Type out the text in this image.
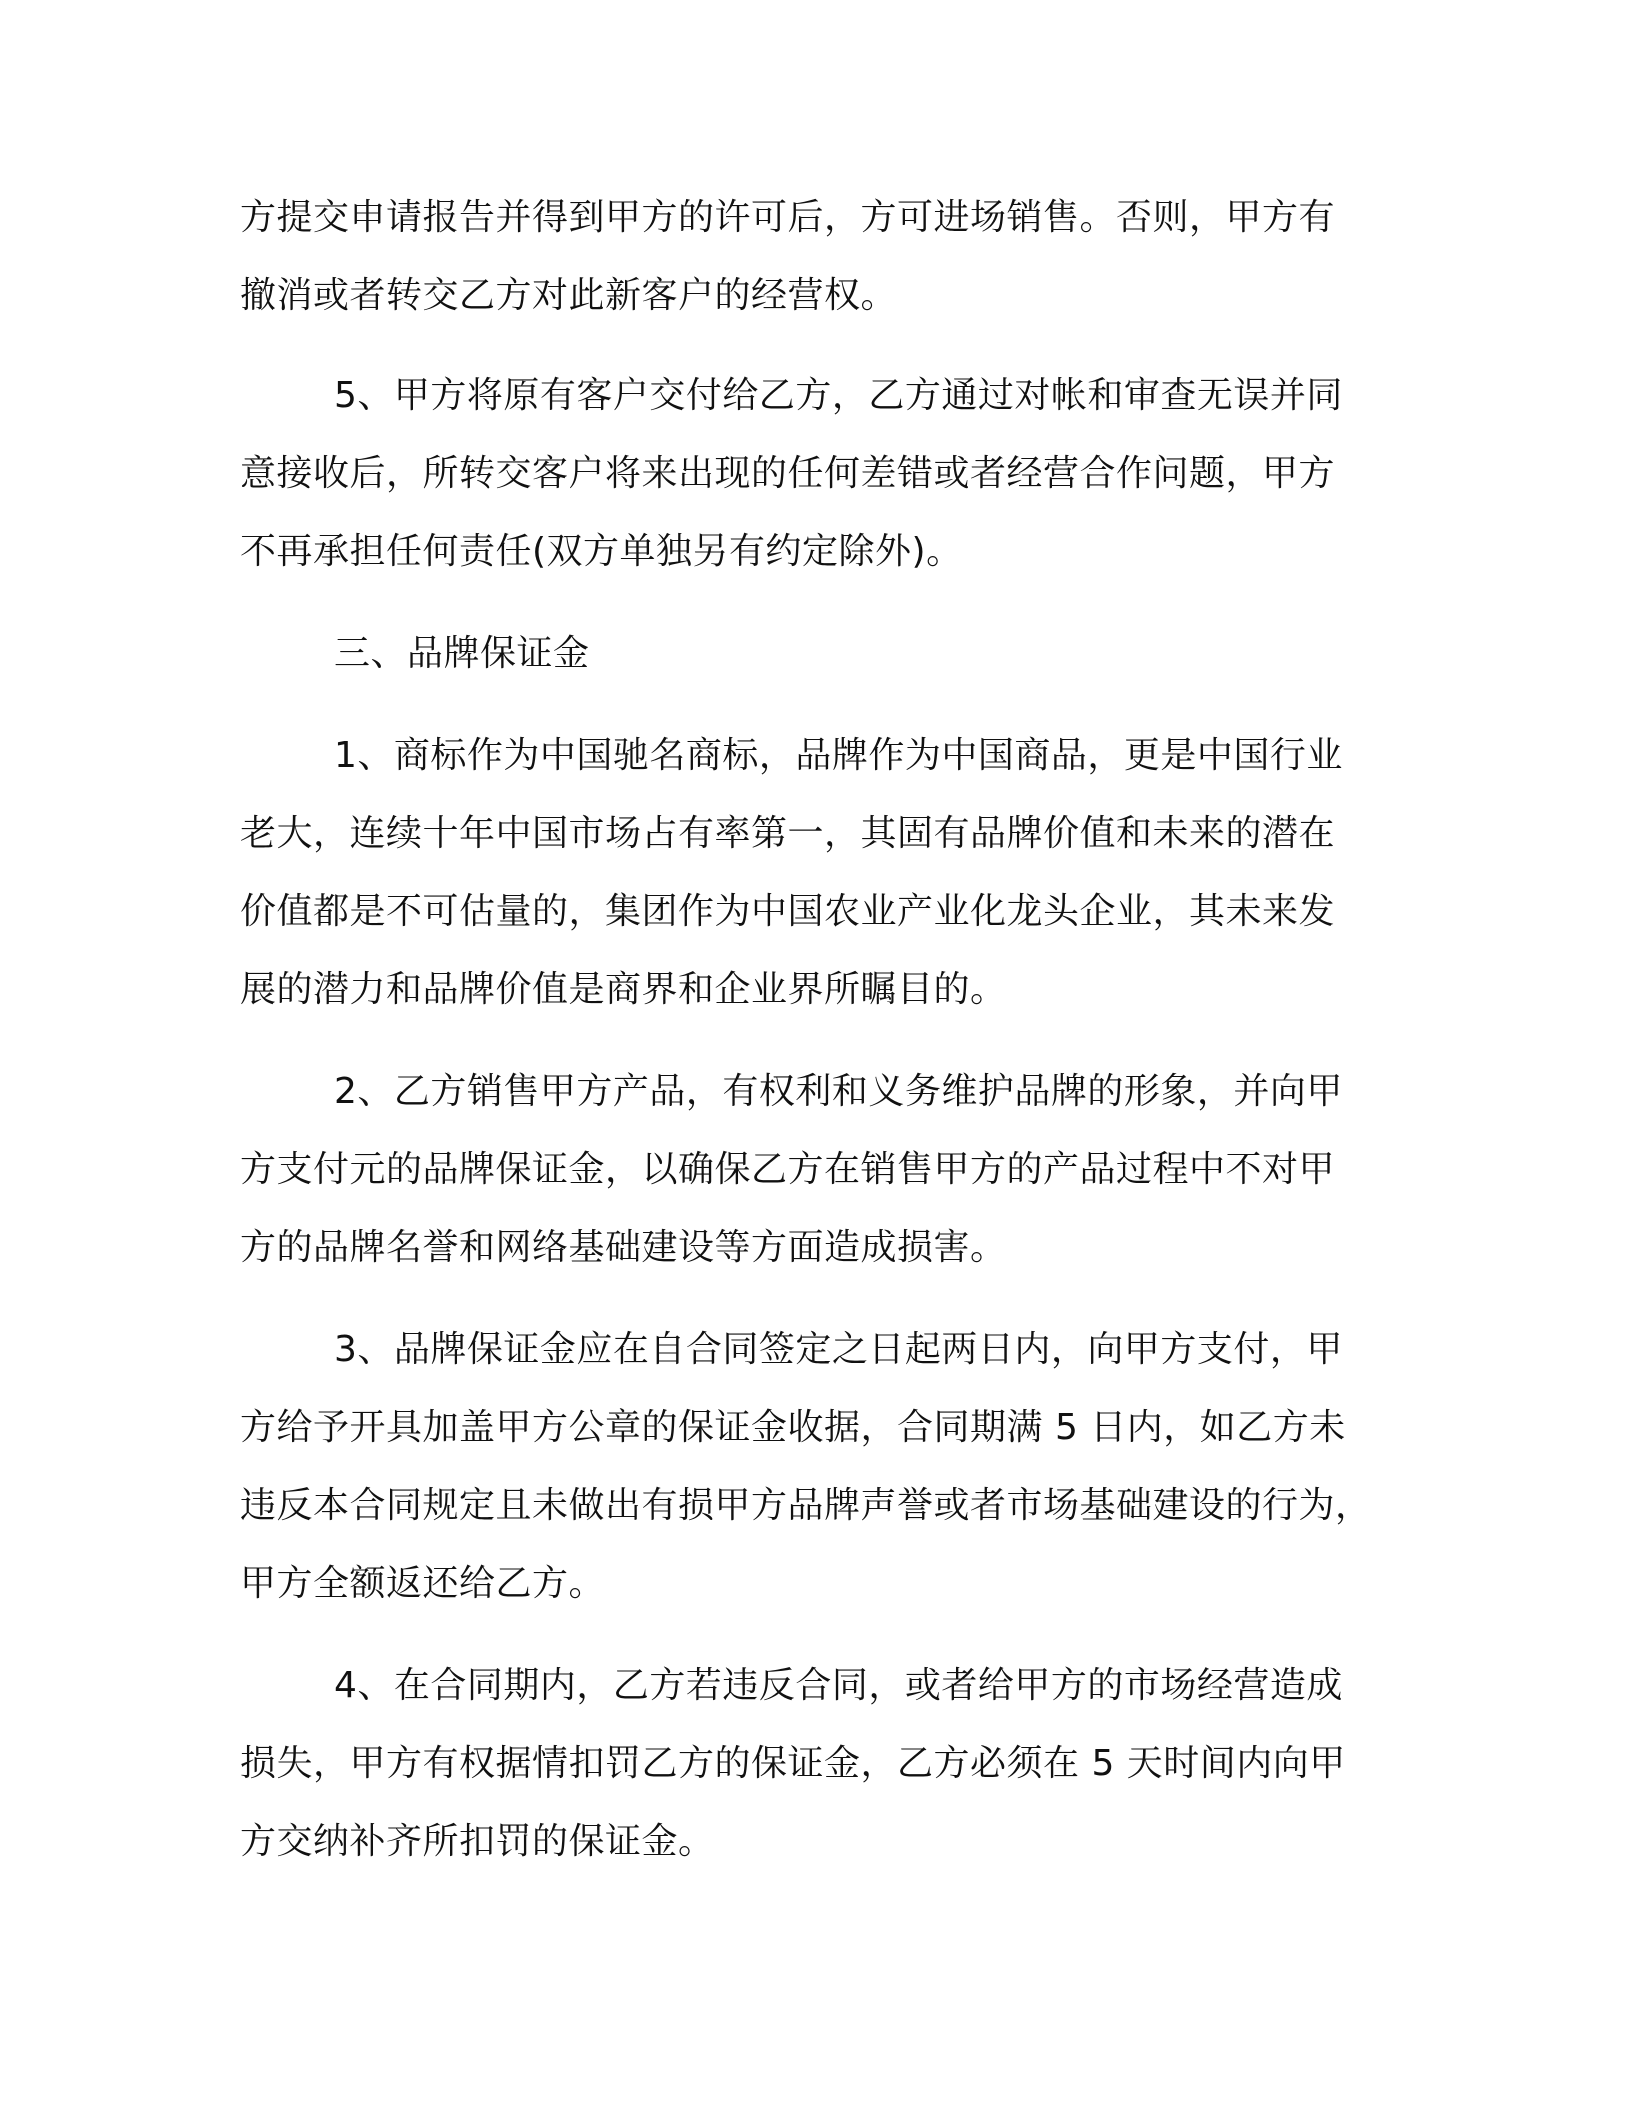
方提交申请报告并得到甲方的许可后，方可进场销售。否则，甲方有

撤消或者转交乙方对此新客户的经营权。

5、甲方将原有客户交付给乙方，乙方通过对帐和审查无误并同

意接收后，所转交客户将来出现的任何差错或者经营合作问题，甲方

不再承担任何责任(双方单独另有约定除外)。

三、品牌保证金

1、商标作为中国驰名商标，品牌作为中国商品，更是中国行业

老大，连续十年中国市场占有率第一，其固有品牌价值和未来的潜在

价值都是不可估量的，集团作为中国农业产业化龙头企业，其未来发

展的潜力和品牌价值是商界和企业界所瞩目的。

2、乙方销售甲方产品，有权利和义务维护品牌的形象，并向甲

方支付元的品牌保证金，以确保乙方在销售甲方的产品过程中不对甲

方的品牌名誉和网络基础建设等方面造成损害。

3、品牌保证金应在自合同签定之日起两日内，向甲方支付，甲

方给予开具加盖甲方公章的保证金收据，合同期满 5 日内，如乙方未

违反本合同规定且未做出有损甲方品牌声誉或者市场基础建设的行为，

甲方全额返还给乙方。

4、在合同期内，乙方若违反合同，或者给甲方的市场经营造成

损失，甲方有权据情扣罚乙方的保证金，乙方必须在 5 天时间内向甲

方交纳补齐所扣罚的保证金。
